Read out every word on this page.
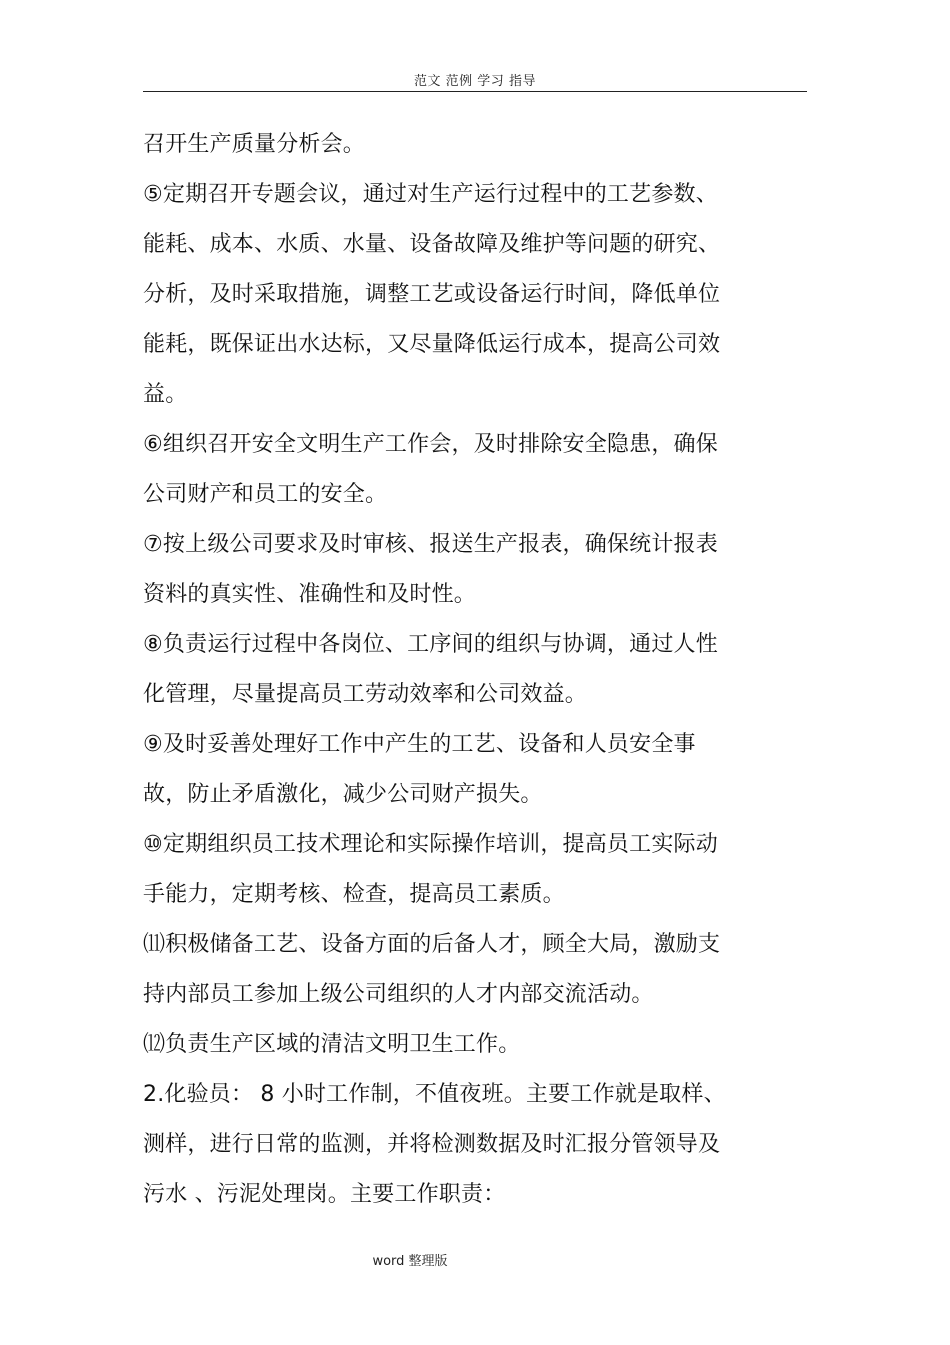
范文 范例 学习 指导
召开生产质量分析会。
⑤定期召开专题会议，通过对生产运行过程中的工艺参数、
能耗、成本、水质、水量、设备故障及维护等问题的研究、
分析，及时采取措施，调整工艺或设备运行时间，降低单位
能耗，既保证出水达标，又尽量降低运行成本，提高公司效
益。
⑥组织召开安全文明生产工作会，及时排除安全隐患，确保
公司财产和员工的安全。
⑦按上级公司要求及时审核、报送生产报表，确保统计报表
资料的真实性、准确性和及时性。
⑧负责运行过程中各岗位、工序间的组织与协调，通过人性
化管理，尽量提高员工劳动效率和公司效益。
⑨及时妥善处理好工作中产生的工艺、设备和人员安全事
故，防止矛盾激化，减少公司财产损失。
⑩定期组织员工技术理论和实际操作培训，提高员工实际动
手能力，定期考核、检查，提高员工素质。
⑾积极储备工艺、设备方面的后备人才，顾全大局，激励支
持内部员工参加上级公司组织的人才内部交流活动。
⑿负责生产区域的清洁文明卫生工作。
2.化验员： 8 小时工作制，不值夜班。主要工作就是取样、
测样，进行日常的监测，并将检测数据及时汇报分管领导及
污水 、污泥处理岗。主要工作职责：
word 整理版
